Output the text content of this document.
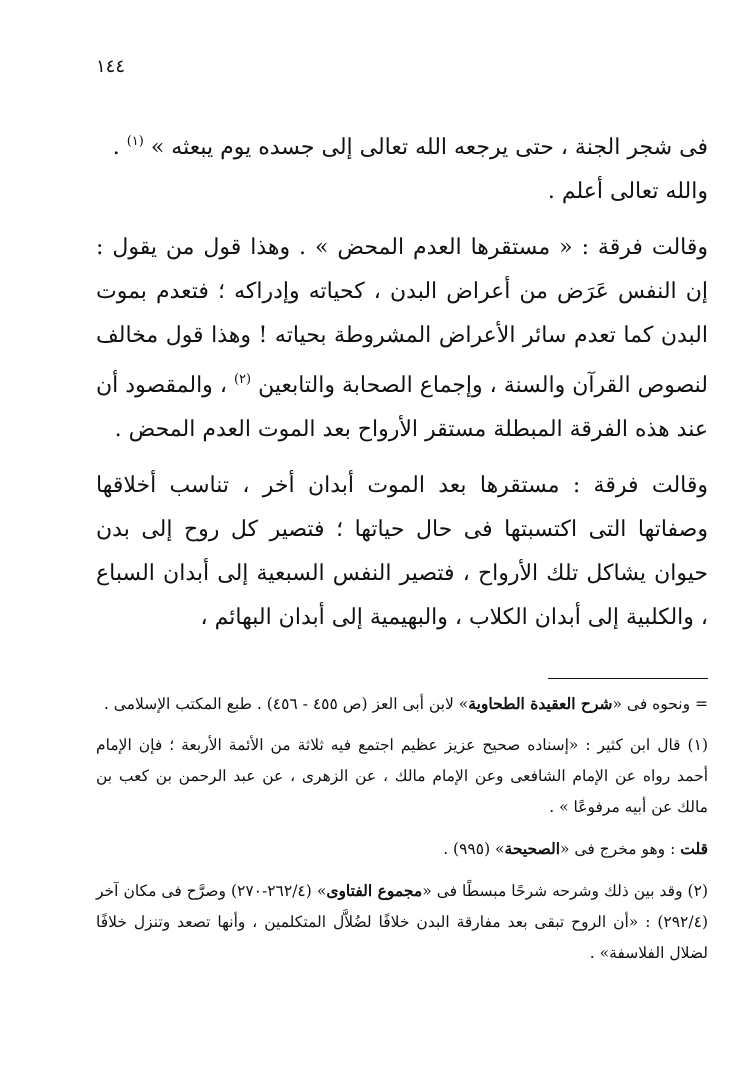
١٤٤

فى شجر الجنة ، حتى يرجعه الله تعالى إلى جسده يوم يبعثه » $^{(١)}$ .

والله تعالى أعلم .

وقالت فرقة : « مستقرها العدم المحض » . وهذا قول من يقول : إن النفس عَرَض من أعراض البدن ، كحياته وإدراكه ؛ فتعدم بموت البدن كما تعدم سائر الأعراض المشروطة بحياته ! وهذا قول مخالف لنصوص القرآن والسنة ، وإجماع الصحابة والتابعين $^{(٢)}$ ، والمقصود أن عند هذه الفرقة المبطلة مستقر الأرواح بعد الموت العدم المحض .

وقالت فرقة : مستقرها بعد الموت أبدان أخر ، تناسب أخلاقها وصفاتها التى اكتسبتها فى حال حياتها ؛ فتصير كل روح إلى بدن حيوان يشاكل تلك الأرواح ، فتصير النفس السبعية إلى أبدان السباع ، والكلبية إلى أبدان الكلاب ، والبهيمية إلى أبدان البهائم ،

= ونحوه فى «شرح العقيدة الطحاوية» لابن أبى العز (ص ٤٥٥ - ٤٥٦) . طبع المكتب الإسلامى .

(١) قال ابن كثير : «إسناده صحيح عزيز عظيم اجتمع فيه ثلاثة من الأئمة الأربعة ؛ فإن الإمام أحمد رواه عن الإمام الشافعى وعن الإمام مالك ، عن الزهرى ، عن عبد الرحمن بن كعب بن مالك عن أبيه مرفوعًا » .

قلت : وهو مخرج فى «الصحيحة» (٩٩٥) .

(٢) وقد بين ذلك وشرحه شرحًا مبسطًا فى «مجموع الفتاوى» (٢٦٢/٤-٢٧٠) وصرَّح فى مكان آخر (٢٩٢/٤) : «أن الروح تبقى بعد مفارقة البدن خلافًا لضُلاَّل المتكلمين ، وأنها تصعد وتنزل خلافًا لضلال الفلاسفة» .
